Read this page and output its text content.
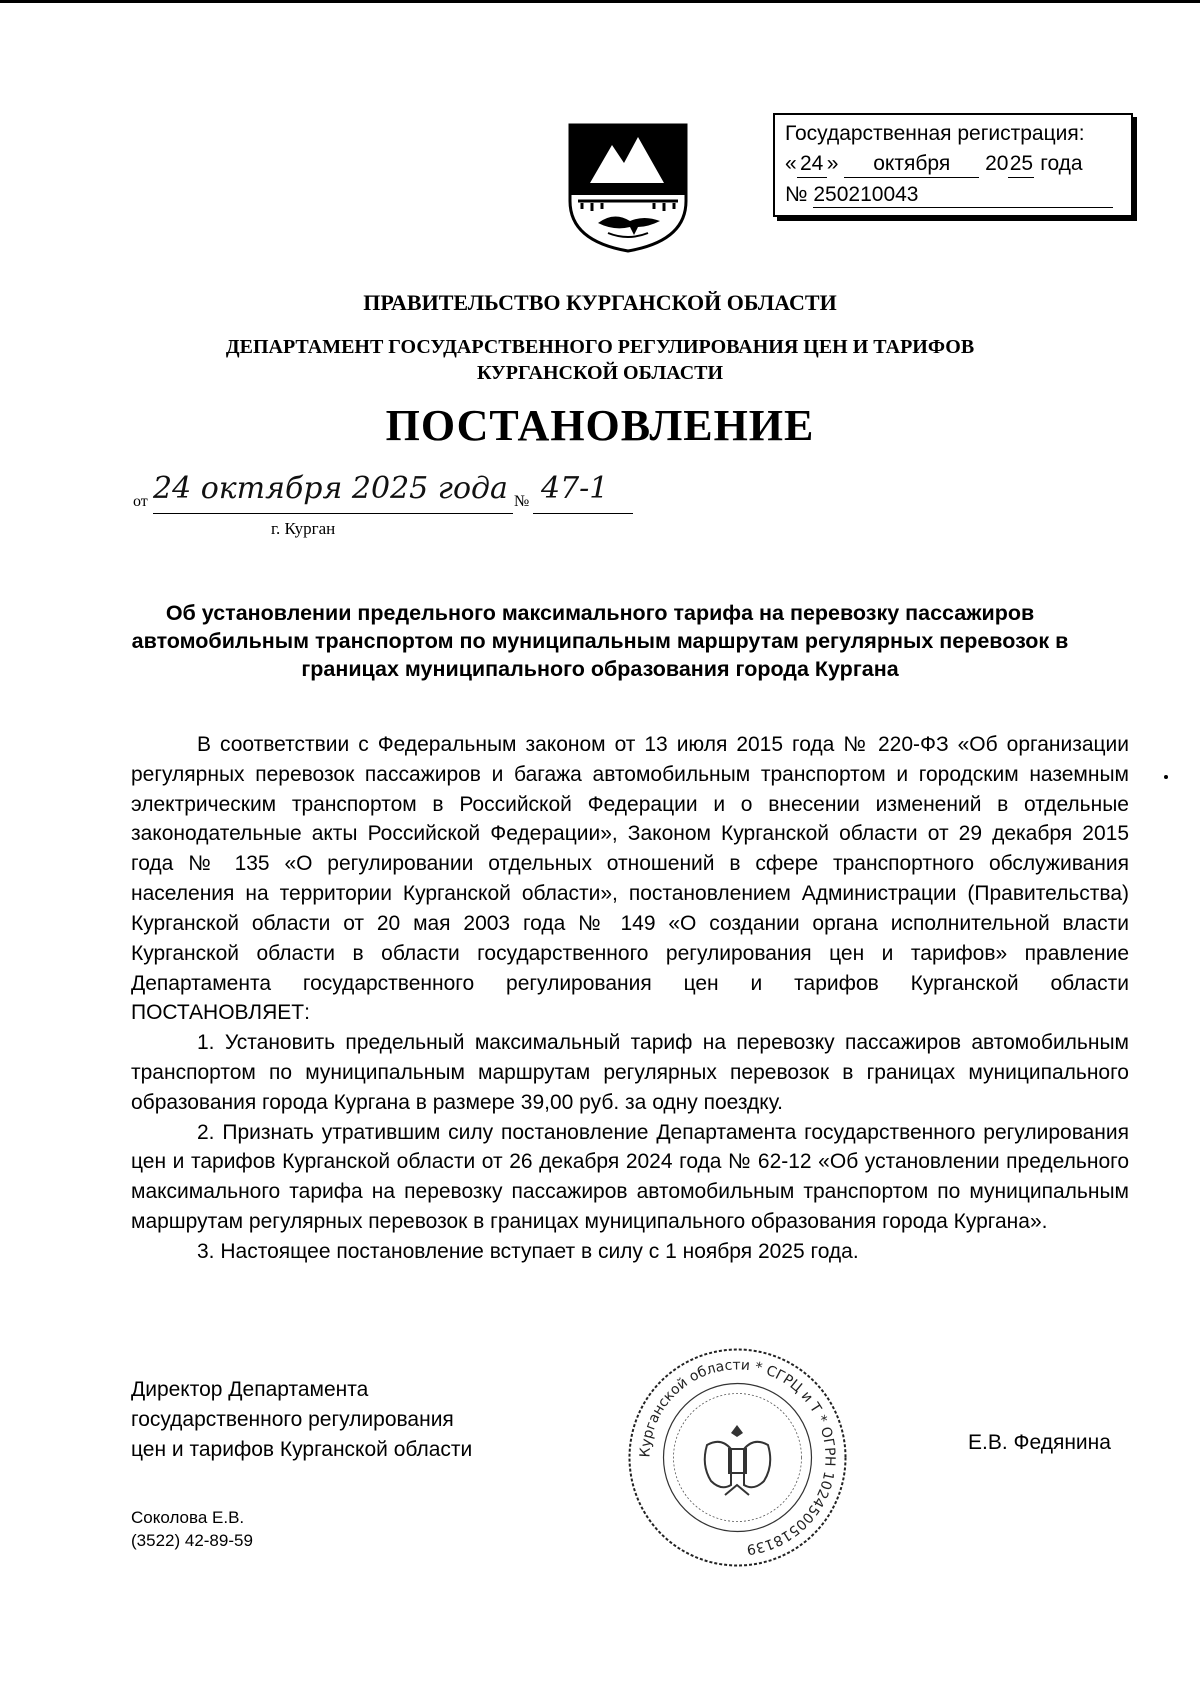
Государственная регистрация:
« 24 » октября 2025 года
№ 250210043
ПРАВИТЕЛЬСТВО КУРГАНСКОЙ ОБЛАСТИ
ДЕПАРТАМЕНТ ГОСУДАРСТВЕННОГО РЕГУЛИРОВАНИЯ ЦЕН И ТАРИФОВ
КУРГАНСКОЙ ОБЛАСТИ
ПОСТАНОВЛЕНИЕ
от 24 октября 2025 года № 47-1
г. Курган
Об установлении предельного максимального тарифа на перевозку пассажиров автомобильным транспортом по муниципальным маршрутам регулярных перевозок в границах муниципального образования города Кургана

В соответствии с Федеральным законом от 13 июля 2015 года № 220-ФЗ «Об организации регулярных перевозок пассажиров и багажа автомобильным транспортом и городским наземным электрическим транспортом в Российской Федерации и о внесении изменений в отдельные законодательные акты Российской Федерации», Законом Курганской области от 29 декабря 2015 года № 135 «О регулировании отдельных отношений в сфере транспортного обслуживания населения на территории Курганской области», постановлением Администрации (Правительства) Курганской области от 20 мая 2003 года № 149 «О создании органа исполнительной власти Курганской области в области государственного регулирования цен и тарифов» правление Департамента государственного регулирования цен и тарифов Курганской области ПОСТАНОВЛЯЕТ:

1. Установить предельный максимальный тариф на перевозку пассажиров автомобильным транспортом по муниципальным маршрутам регулярных перевозок в границах муниципального образования города Кургана в размере 39,00 руб. за одну поездку.

2. Признать утратившим силу постановление Департамента государственного регулирования цен и тарифов Курганской области от 26 декабря 2024 года № 62-12 «Об установлении предельного максимального тарифа на перевозку пассажиров автомобильным транспортом по муниципальным маршрутам регулярных перевозок в границах муниципального образования города Кургана».

3. Настоящее постановление вступает в силу с 1 ноября 2025 года.

Директор Департамента
государственного регулирования
цен и тарифов Курганской области	Курганской области * СГРЦ и Т * ОГРН 1024500518139
Е.В. Федянина
Соколова Е.В.
(3522) 42-89-59
